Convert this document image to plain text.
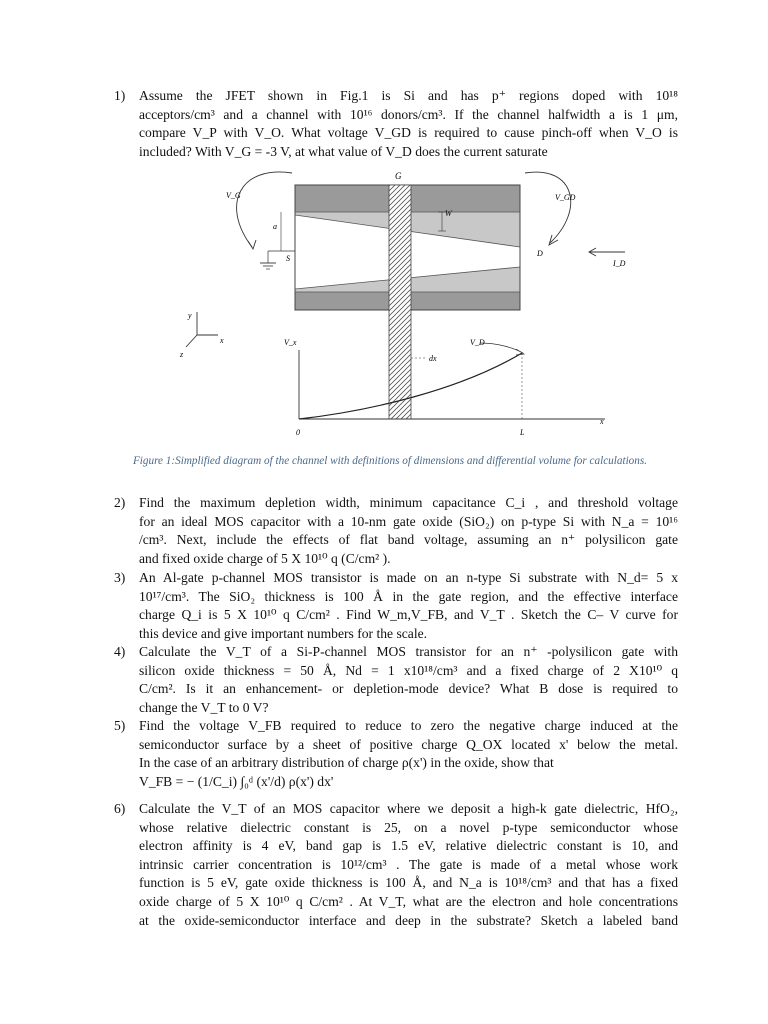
1) Assume the JFET shown in Fig.1 is Si and has p⁺ regions doped with 10¹⁸
acceptors/cm³ and a channel with 10¹⁶ donors/cm³. If the channel halfwidth a is 1 μm,
compare V_P with V_O. What voltage V_GD is required to cause pinch-off when V_O is
included? With V_G = -3 V, at what value of V_D does the current saturate
G
W
a
S
V_G	V_GD
D
I_D
y
x
z
V_x	V_D
dx
0	L
x
Figure 1:Simplified diagram of the channel with definitions of dimensions and differential volume for calculations.
2) Find the maximum depletion width, minimum capacitance C_i , and threshold voltage
for an ideal MOS capacitor with a 10-nm gate oxide (SiO₂) on p-type Si with N_a = 10¹⁶
/cm³. Next, include the effects of flat band voltage, assuming an n⁺ polysilicon gate
and fixed oxide charge of 5 X 10¹⁰ q (C/cm² ).
3) An Al-gate p-channel MOS transistor is made on an n-type Si substrate with N_d= 5 x
10¹⁷/cm³. The SiO₂ thickness is 100 Å in the gate region, and the effective interface
charge Q_i is 5 X 10¹⁰ q C/cm² . Find W_m,V_FB, and V_T . Sketch the C– V curve for
this device and give important numbers for the scale.
4) Calculate the V_T of a Si-P-channel MOS transistor for an n⁺ -polysilicon gate with
silicon oxide thickness = 50 Å, Nd = 1 x10¹⁸/cm³ and a fixed charge of 2 X10¹⁰ q
C/cm². Is it an enhancement- or depletion-mode device? What B dose is required to
change the V_T to 0 V?
5) Find the voltage V_FB required to reduce to zero the negative charge induced at the
semiconductor surface by a sheet of positive charge Q_OX located x' below the metal.
In the case of an arbitrary distribution of charge ρ(x') in the oxide, show that
V_FB = − (1/C_i) ∫₀ᵈ (x'/d) ρ(x') dx'
6) Calculate the V_T of an MOS capacitor where we deposit a high-k gate dielectric, HfO₂,
whose relative dielectric constant is 25, on a novel p-type semiconductor whose
electron affinity is 4 eV, band gap is 1.5 eV, relative dielectric constant is 10, and
intrinsic carrier concentration is 10¹²/cm³ . The gate is made of a metal whose work
function is 5 eV, gate oxide thickness is 100 Å, and N_a is 10¹⁸/cm³ and that has a fixed
oxide charge of 5 X 10¹⁰ q C/cm² . At V_T, what are the electron and hole concentrations
at the oxide-semiconductor interface and deep in the substrate? Sketch a labeled band
